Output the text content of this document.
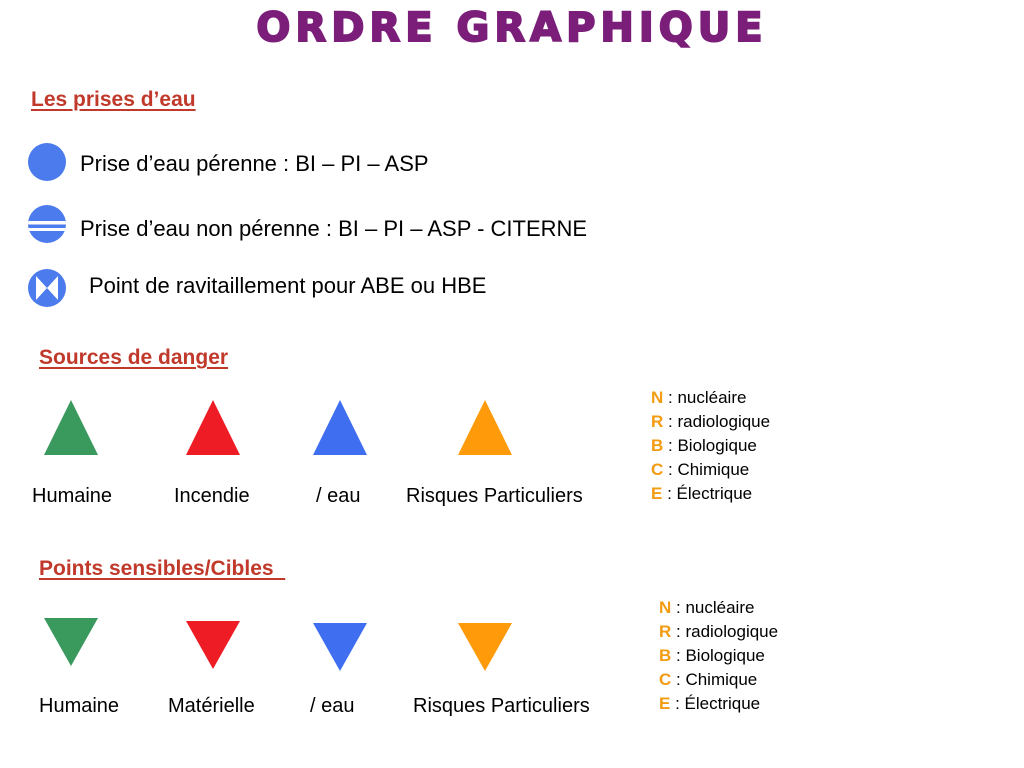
ORDRE GRAPHIQUE
Les prises d’eau
Prise d’eau pérenne : BI – PI – ASP
Prise d’eau non pérenne : BI – PI – ASP - CITERNE
Point de ravitaillement pour ABE ou HBE
Sources de danger
Humaine	Incendie	/ eau Risques Particuliers
N : nucléaire
R : radiologique
B : Biologique
C : Chimique
E : Électrique
Points sensibles/Cibles
Humaine Matérielle	/ eau	Risques Particuliers
N : nucléaire
R : radiologique
B : Biologique
C : Chimique
E : Électrique
